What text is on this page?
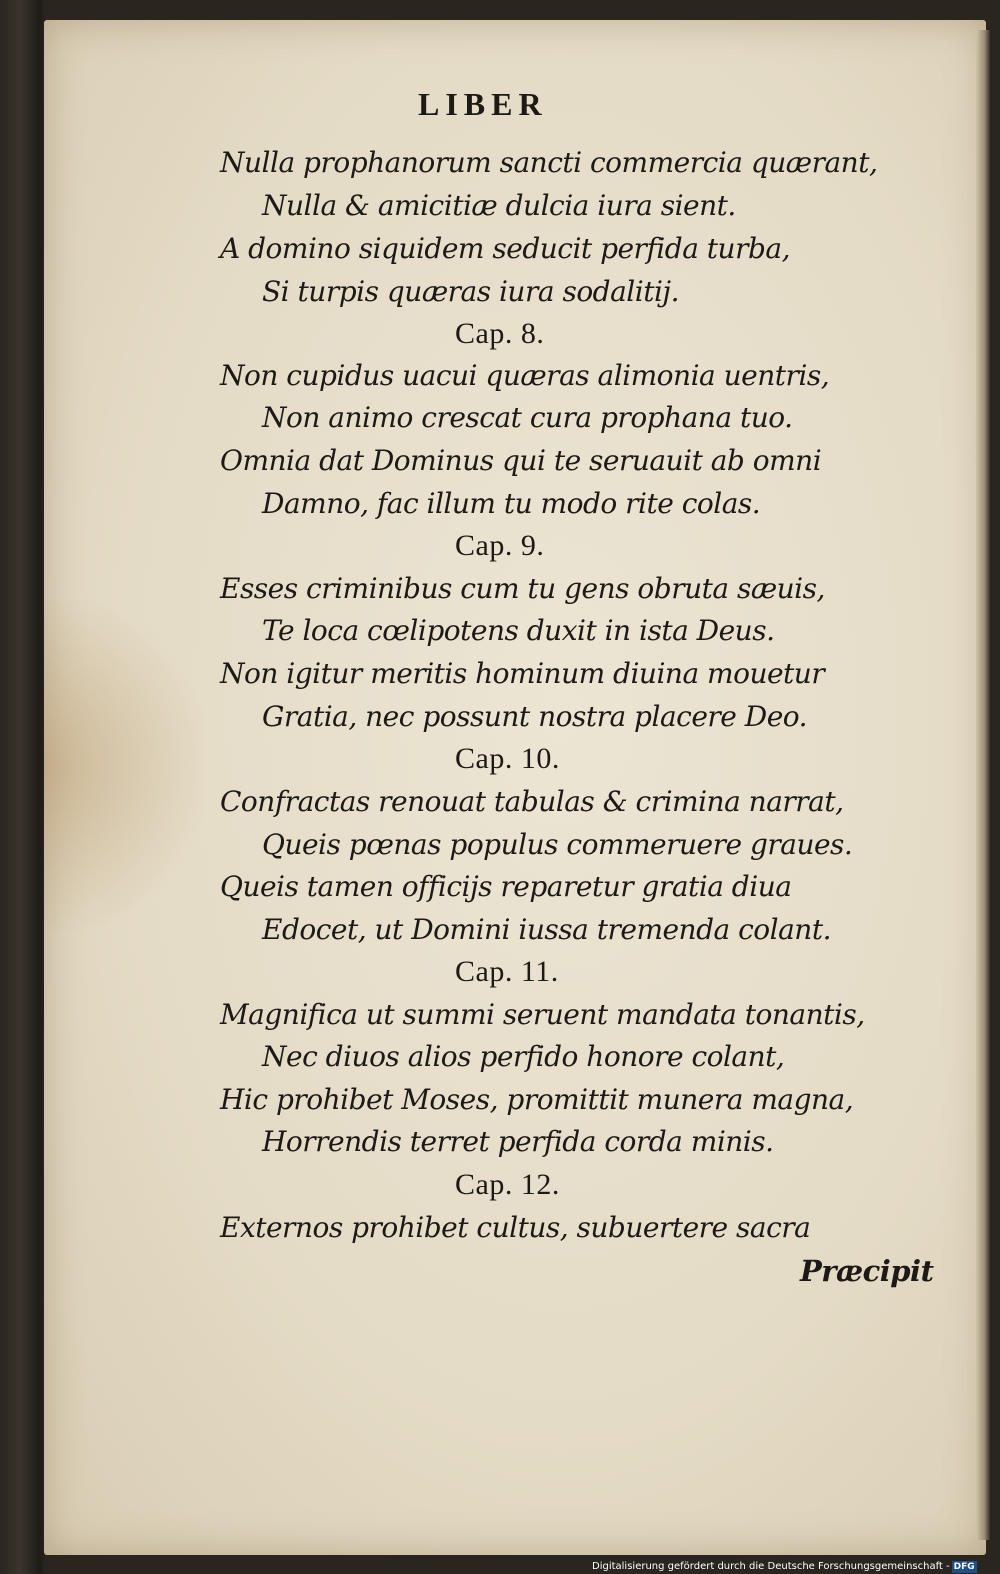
LIBER
Nulla prophanorum sancti commercia quærant,
Nulla & amicitiæ dulcia iura sient.
A domino siquidem seducit perfida turba,
Si turpis quæras iura sodalitij.
Cap. 8.
Non cupidus uacui quæras alimonia uentris,
Non animo crescat cura prophana tuo.
Omnia dat Dominus qui te seruauit ab omni
Damno, fac illum tu modo rite colas.
Cap. 9.
Esses criminibus cum tu gens obruta sæuis,
Te loca cœlipotens duxit in ista Deus.
Non igitur meritis hominum diuina mouetur
Gratia, nec possunt nostra placere Deo.
Cap. 10.
Confractas renouat tabulas & crimina narrat,
Queis pœnas populus commeruere graues.
Queis tamen officijs reparetur gratia diua
Edocet, ut Domini iussa tremenda colant.
Cap. 11.
Magnifica ut summi seruent mandata tonantis,
Nec diuos alios perfido honore colant,
Hic prohibet Moses, promittit munera magna,
Horrendis terret perfida corda minis.
Cap. 12.
Externos prohibet cultus, subuertere sacra
Præcipit
Digitalisierung gefördert durch die Deutsche Forschungsgemeinschaft - DFG
